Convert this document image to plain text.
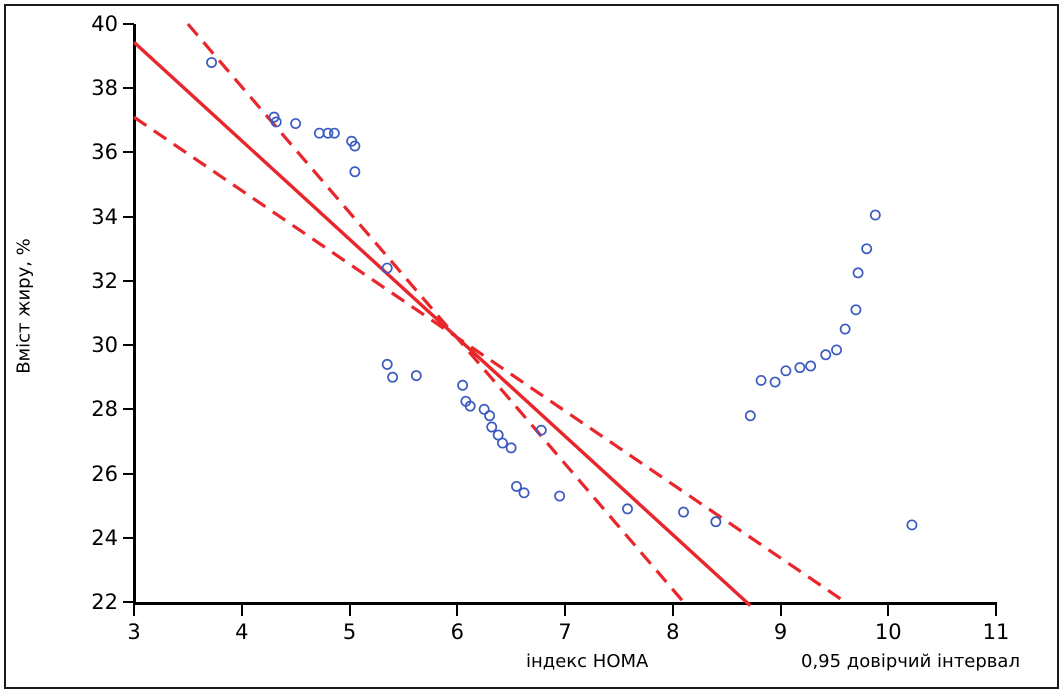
Вміст жиру, %
індекс HOMA	0,95 довірчий інтервал
22
24
26
28
30
32
34
36
38
40
3	4	5	6	7	8	9	10	11
